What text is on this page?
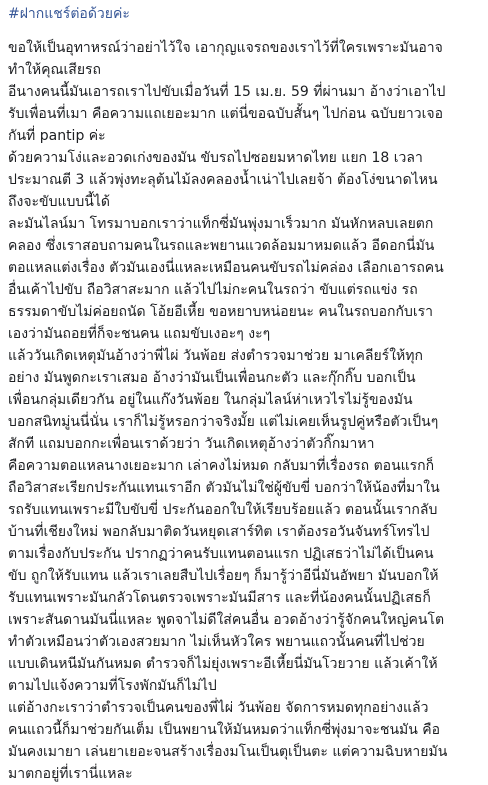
#ฝากแชร์ต่อด้วยค่ะ
ขอให้เป็นอุทาหรณ์ว่าอย่าไว้ใจ เอากุญแจรถของเราไว้ที่ใครเพราะมันอาจ
ทำให้คุณเสียรถ
อีนางคนนี้มันเอารถเราไปขับเมื่อวันที่ 15 เม.ย. 59 ที่ผ่านมา อ้างว่าเอาไป
รับเพื่อนที่เมา คือความแถเยอะมาก แต่นี่ขอฉบับสั้นๆ ไปก่อน ฉบับยาวเจอ
กันที่ pantip ค่ะ
ด้วยความโง่และอวดเก่งของมัน ขับรถไปซอยมหาดไทย แยก 18 เวลา
ประมาณตี 3 แล้วพุ่งทะลุต้นไม้ลงคลองน้ำเน่าไปเลยจ้า ต้องโง่ขนาดไหน
ถึงจะขับแบบนี้ได้
ละมันไลน์มา โทรมาบอกเราว่าแท็กซี่มันพุ่งมาเร็วมาก มันหักหลบเลยตก
คลอง ซึ่งเราสอบถามคนในรถและพยานแวดล้อมมาหมดแล้ว อีดอกนี่มัน
ตอแหลแต่งเรื่อง ตัวมันเองนี่แหละเหมือนคนขับรถไม่คล่อง เลือกเอารถคน
อื่นเค้าไปขับ ถือวิสาสะมาก แล้วไปไม่กะคนในรถว่า ขับแต่รถแข่ง รถ
ธรรมดาขับไม่ค่อยถนัด โอ้ยอีเหี้ย ขอหยาบหน่อยนะ คนในรถบอกกับเรา
เองว่ามันถอยที่ก็จะชนคน แถมขับเงอะๆ งะๆ
แล้ววันเกิดเหตุมันอ้างว่าพี่ไผ่ วันพ้อย ส่งตำรวจมาช่วย มาเคลียร์ให้ทุก
อย่าง มันพูดกะเราเสมอ อ้างว่ามันเป็นเพื่อนกะตัว และกุ๊กกิ๊บ บอกเป็น
เพื่อนกลุ่มเดียวกัน อยู่ในแก๊งวันพ้อย ในกลุ่มไลน์ห่าเหวไรไม่รู้ของมัน
บอกสนิทมู่นนี่นั่น เราก็ไม่รู้หรอกว่าจริงมั้ย แต่ไม่เคยเห็นรูปคู่หรือตัวเป็นๆ
สักที แถมบอกกะเพื่อนเราด้วยว่า วันเกิดเหตุอ้างว่าตัวกิ๊กมาหา
คือความตอแหลนางเยอะมาก เล่าคงไม่หมด กลับมาที่เรื่องรถ ตอนแรกก็
ถือวิสาสะเรียกประกันแทนเราอีก ตัวมันไม่ใช่ผู้ขับขี่ บอกว่าให้น้องที่มาใน
รถรับแทนเพราะมีใบขับขี่ ประกันออกใบให้เรียบร้อยแล้ว ตอนนั้นเรากลับ
บ้านที่เชียงใหม่ พอกลับมาติดวันหยุดเสาร์ทิต เราต้องรอวันจันทร์โทรไป
ตามเรื่องกับประกัน ปรากฏว่าคนรับแทนตอนแรก ปฏิเสธว่าไม่ได้เป็นคน
ขับ ถูกให้รับแทน แล้วเราเลยสืบไปเรื่อยๆ ก็มารู้ว่าอีนี่มันอัพยา มันบอกให้
รับแทนเพราะมันกลัวโดนตรวจเพราะมันมีสาร และที่น้องคนนั้นปฏิเสธก็
เพราะสันดานมันนี่แหละ พูดจาไม่ดีใส่คนอื่น อวดอ้างว่ารู้จักคนใหญ่คนโต
ทำตัวเหมือนว่าตัวเองสวยมาก ไม่เห็นหัวใคร พยานแถวนั้นคนที่ไปช่วย
แบบเดินหนีมันกันหมด ตำรวจก็ไม่ยุ่งเพราะอีเหี้ยนี่มันโวยวาย แล้วเค้าให้
ตามไปแจ้งความที่โรงพักมันก็ไม่ไป
แต่อ้างกะเราว่าตำรวจเป็นคนของพี่ไผ่ วันพ้อย จัดการหมดทุกอย่างแล้ว
คนแถวนี้ก็มาช่วยกันเต็ม เป็นพยานให้มันหมดว่าแท็กซี่พุ่งมาจะชนมัน คือ
มันคงเมายา เล่นยาเยอะจนสร้างเรื่องมโนเป็นตุเป็นตะ แต่ความฉิบหายมัน
มาตกอยู่ที่เรานี่แหละ
